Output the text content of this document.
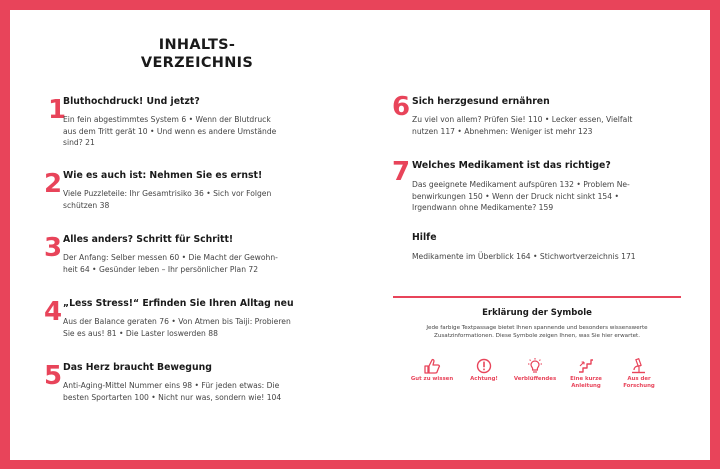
INHALTS-
VERZEICHNIS
1
Bluthochdruck! Und jetzt?
Ein fein abgestimmtes System 6 • Wenn der Blutdruck
aus dem Tritt gerät 10 • Und wenn es andere Umstände
sind? 21
2 Wie es auch ist: Nehmen Sie es ernst!
Viele Puzzleteile: Ihr Gesamtrisiko 36 • Sich vor Folgen
schützen 38
3 Alles anders? Schritt für Schritt!
Der Anfang: Selber messen 60 • Die Macht der Gewohn-
heit 64 • Gesünder leben – Ihr persönlicher Plan 72
4 „Less Stress!“ Erfinden Sie Ihren Alltag neu
Aus der Balance geraten 76 • Von Atmen bis Taiji: Probieren
Sie es aus! 81 • Die Laster loswerden 88
5 Das Herz braucht Bewegung
Anti-Aging-Mittel Nummer eins 98 • Für jeden etwas: Die
besten Sportarten 100 • Nicht nur was, sondern wie! 104
6 Sich herzgesund ernähren
Zu viel von allem? Prüfen Sie! 110 • Lecker essen, Vielfalt
nutzen 117 • Abnehmen: Weniger ist mehr 123
7 Welches Medikament ist das richtige?
Das geeignete Medikament aufspüren 132 • Problem Ne-
benwirkungen 150 • Wenn der Druck nicht sinkt 154 •
Irgendwann ohne Medikamente? 159
Hilfe
Medikamente im Überblick 164 • Stichwortverzeichnis 171
Erklärung der Symbole
Jede farbige Textpassage bietet Ihnen spannende und besonders wissenswerte
Zusatzinformationen. Diese Symbole zeigen Ihnen, was Sie hier erwartet.
Gut zu wissen	Achtung!	Verblüffendes	Eine kurze
Anleitung
Aus der
Forschung
